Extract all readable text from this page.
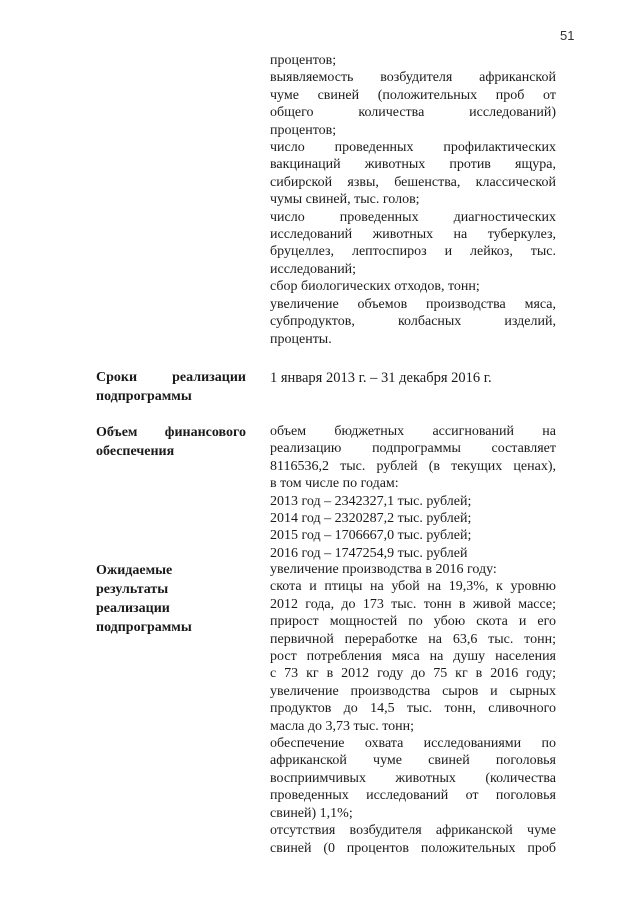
51
процентов;
выявляемость возбудителя африканской
чуме свиней (положительных проб от
общего количества исследований)
процентов;
число проведенных профилактических
вакцинаций животных против ящура,
сибирской язвы, бешенства, классической
чумы свиней, тыс. голов;
число проведенных диагностических
исследований животных на туберкулез,
бруцеллез, лептоспироз и лейкоз, тыс.
исследований;
сбор биологических отходов, тонн;
увеличение объемов производства мяса,
субпродуктов, колбасных изделий,
проценты.
Сроки	реализации
подпрограммы
1 января 2013 г. – 31 декабря 2016 г.
Объем финансового
обеспечения
объем бюджетных ассигнований на
реализацию подпрограммы составляет
8116536,2 тыс. рублей (в текущих ценах),
в том числе по годам:
2013 год – 2342327,1 тыс. рублей;
2014 год – 2320287,2 тыс. рублей;
2015 год – 1706667,0 тыс. рублей;
2016 год – 1747254,9 тыс. рублей
Ожидаемые
результаты
реализации
подпрограммы
увеличение производства в 2016 году:
скота и птицы на убой на 19,3%, к уровню
2012 года, до 173 тыс. тонн в живой массе;
прирост мощностей по убою скота и его
первичной переработке на 63,6 тыс. тонн;
рост потребления мяса на душу населения
с 73 кг в 2012 году до 75 кг в 2016 году;
увеличение производства сыров и сырных
продуктов до 14,5 тыс. тонн, сливочного
масла до 3,73 тыс. тонн;
обеспечение охвата исследованиями по
африканской чуме свиней поголовья
восприимчивых животных (количества
проведенных исследований от поголовья
свиней) 1,1%;
отсутствия возбудителя африканской чуме
свиней (0 процентов положительных проб
